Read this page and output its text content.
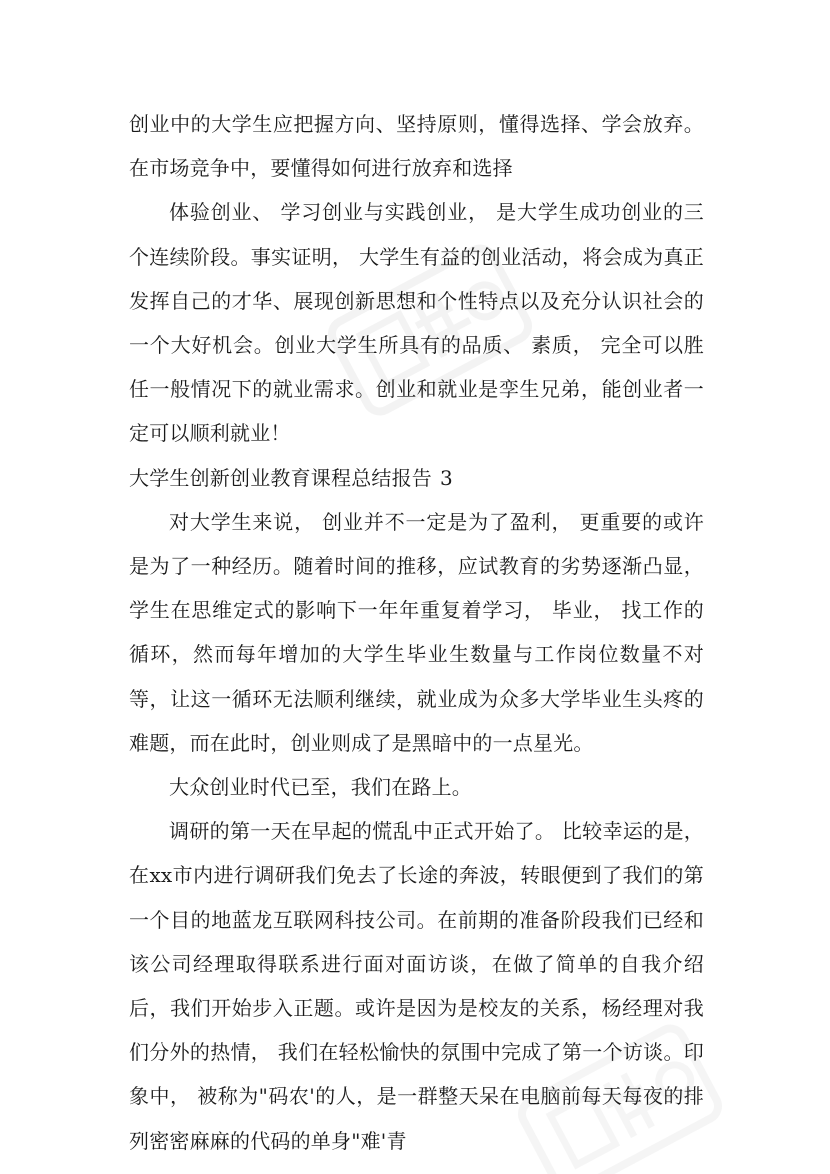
创业中的大学生应把握方向、坚持原则，懂得选择、学会放弃。在市场竞争中，要懂得如何进行放弃和选择

体验创业、 学习创业与实践创业， 是大学生成功创业的三个连续阶段。事实证明， 大学生有益的创业活动，将会成为真正发挥自己的才华、展现创新思想和个性特点以及充分认识社会的一个大好机会。创业大学生所具有的品质、 素质， 完全可以胜任一般情况下的就业需求。创业和就业是孪生兄弟，能创业者一定可以顺利就业！

大学生创新创业教育课程总结报告 3

对大学生来说， 创业并不一定是为了盈利， 更重要的或许是为了一种经历。随着时间的推移，应试教育的劣势逐渐凸显，学生在思维定式的影响下一年年重复着学习， 毕业， 找工作的循环，然而每年增加的大学生毕业生数量与工作岗位数量不对等，让这一循环无法顺利继续，就业成为众多大学毕业生头疼的难题，而在此时，创业则成了是黑暗中的一点星光。

大众创业时代已至，我们在路上。

调研的第一天在早起的慌乱中正式开始了。 比较幸运的是，在xx市内进行调研我们免去了长途的奔波，转眼便到了我们的第一个目的地蓝龙互联网科技公司。在前期的准备阶段我们已经和该公司经理取得联系进行面对面访谈，在做了简单的自我介绍后，我们开始步入正题。或许是因为是校友的关系，杨经理对我们分外的热情， 我们在轻松愉快的氛围中完成了第一个访谈。印象中， 被称为"码农'的人，是一群整天呆在电脑前每天每夜的排列密密麻麻的代码的单身"难'青
